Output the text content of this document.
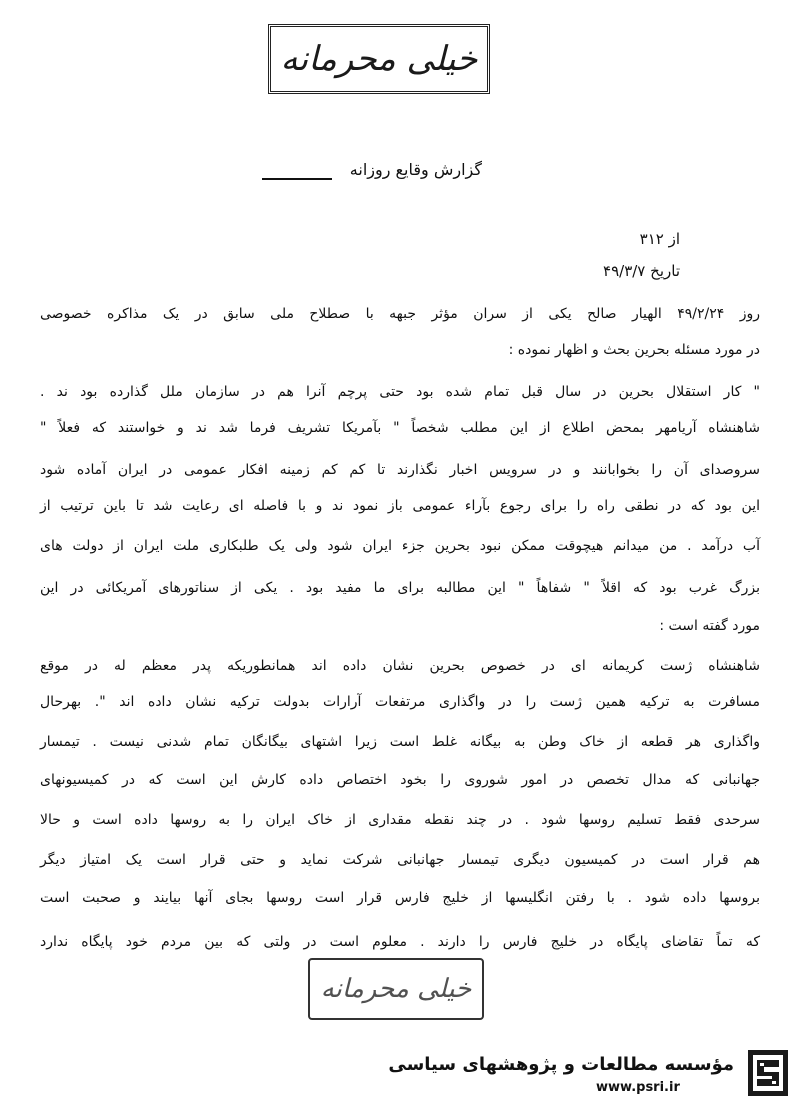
خیلی محرمانه
گزارش وقایع روزانه
از ۳۱۲
تاریخ ۴۹/۳/۷
روز ۴۹/۲/۲۴ الهیار صالح یکی از سران مؤثر جبهه با صطلاح ملی سابق در یک مذاکره خصوصی
در مورد مسئله بحرین بحث و اظهار نموده :
" کار استقلال بحرین در سال قبل تمام شده بود حتی پرچم آنرا هم در سازمان ملل گذارده بود ند .
شاهنشاه آریامهر بمحض اطلاع از این مطلب شخصاً " بآمریکا تشریف فرما شد ند و خواستند که فعلاً "
سروصدای آن را بخوابانند و در سرویس اخبار نگذارند تا کم کم زمینه افکار عمومی در ایران آماده شود
این بود که در نطقی راه را برای رجوع بآراء عمومی باز نمود ند و با فاصله ای رعایت شد تا باین ترتیب از
آب درآمد . من میدانم هیچوقت ممکن نبود بحرین جزء ایران شود ولی یک طلبکاری ملت ایران از دولت های
بزرگ غرب بود که اقلاً " شفاهاً " این مطالبه برای ما مفید بود . یکی از سناتورهای آمریکائی در این
مورد گفته است :
شاهنشاه ژست کریمانه ای در خصوص بحرین نشان داده اند همانطوریکه پدر معظم له در موقع
مسافرت به ترکیه همین ژست را در واگذاری مرتفعات آرارات بدولت ترکیه نشان داده اند ". بهرحال
واگذاری هر قطعه از خاک وطن به بیگانه غلط است زیرا اشتهای بیگانگان تمام شدنی نیست . تیمسار
جهانبانی که مدال تخصص در امور شوروی را بخود اختصاص داده کارش این است که در کمیسیونهای
سرحدی فقط تسلیم روسها شود . در چند نقطه مقداری از خاک ایران را به روسها داده است و حالا
هم قرار است در کمیسیون دیگری تیمسار جهانبانی شرکت نماید و حتی قرار است یک امتیاز دیگر
بروسها داده شود . با رفتن انگلیسها از خلیج فارس قرار است روسها بجای آنها بیایند و صحبت است
که تماً تقاضای پایگاه در خلیج فارس را دارند . معلوم است در ولتی که بین مردم خود پایگاه ندارد
خیلی محرمانه
مؤسسه مطالعات و پژوهشهای سیاسی
www.psri.ir
